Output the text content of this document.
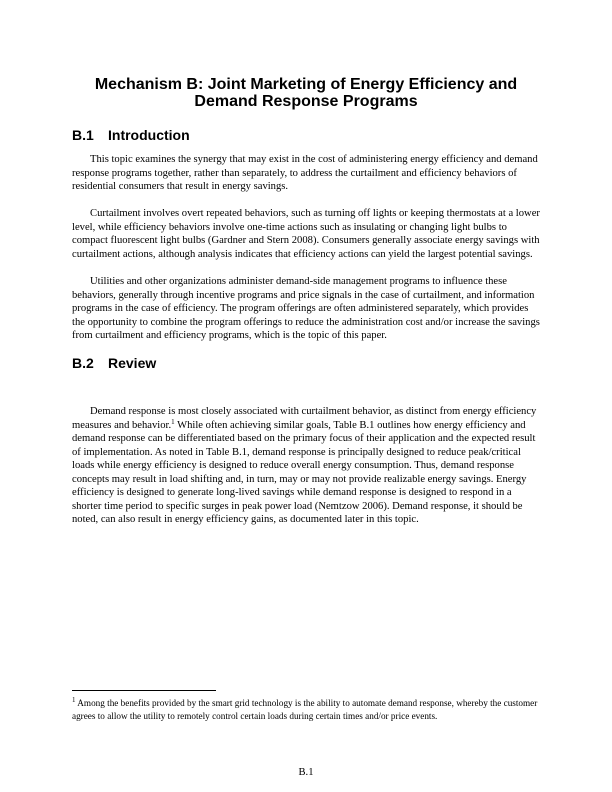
Mechanism B: Joint Marketing of Energy Efficiency and
Demand Response Programs
B.1 Introduction

This topic examines the synergy that may exist in the cost of administering energy efficiency and demand response programs together, rather than separately, to address the curtailment and efficiency behaviors of residential consumers that result in energy savings.

Curtailment involves overt repeated behaviors, such as turning off lights or keeping thermostats at a lower level, while efficiency behaviors involve one-time actions such as insulating or changing light bulbs to compact fluorescent light bulbs (Gardner and Stern 2008). Consumers generally associate energy savings with curtailment actions, although analysis indicates that efficiency actions can yield the largest potential savings.

Utilities and other organizations administer demand-side management programs to influence these behaviors, generally through incentive programs and price signals in the case of curtailment, and information programs in the case of efficiency. The program offerings are often administered separately, which provides the opportunity to combine the program offerings to reduce the administration cost and/or increase the savings from curtailment and efficiency programs, which is the topic of this paper.

B.2 Review

Demand response is most closely associated with curtailment behavior, as distinct from energy efficiency measures and behavior.$^1$ While often achieving similar goals, Table B.1 outlines how energy efficiency and demand response can be differentiated based on the primary focus of their application and the expected result of implementation. As noted in Table B.1, demand response is principally designed to reduce peak/critical loads while energy efficiency is designed to reduce overall energy consumption. Thus, demand response concepts may result in load shifting and, in turn, may or may not provide realizable energy savings. Energy efficiency is designed to generate long-lived savings while demand response is designed to respond in a shorter time period to specific surges in peak power load (Nemtzow 2006). Demand response, it should be noted, can also result in energy efficiency gains, as documented later in this topic.

$^1$ Among the benefits provided by the smart grid technology is the ability to automate demand response, whereby the customer agrees to allow the utility to remotely control certain loads during certain times and/or price events.

B.1
